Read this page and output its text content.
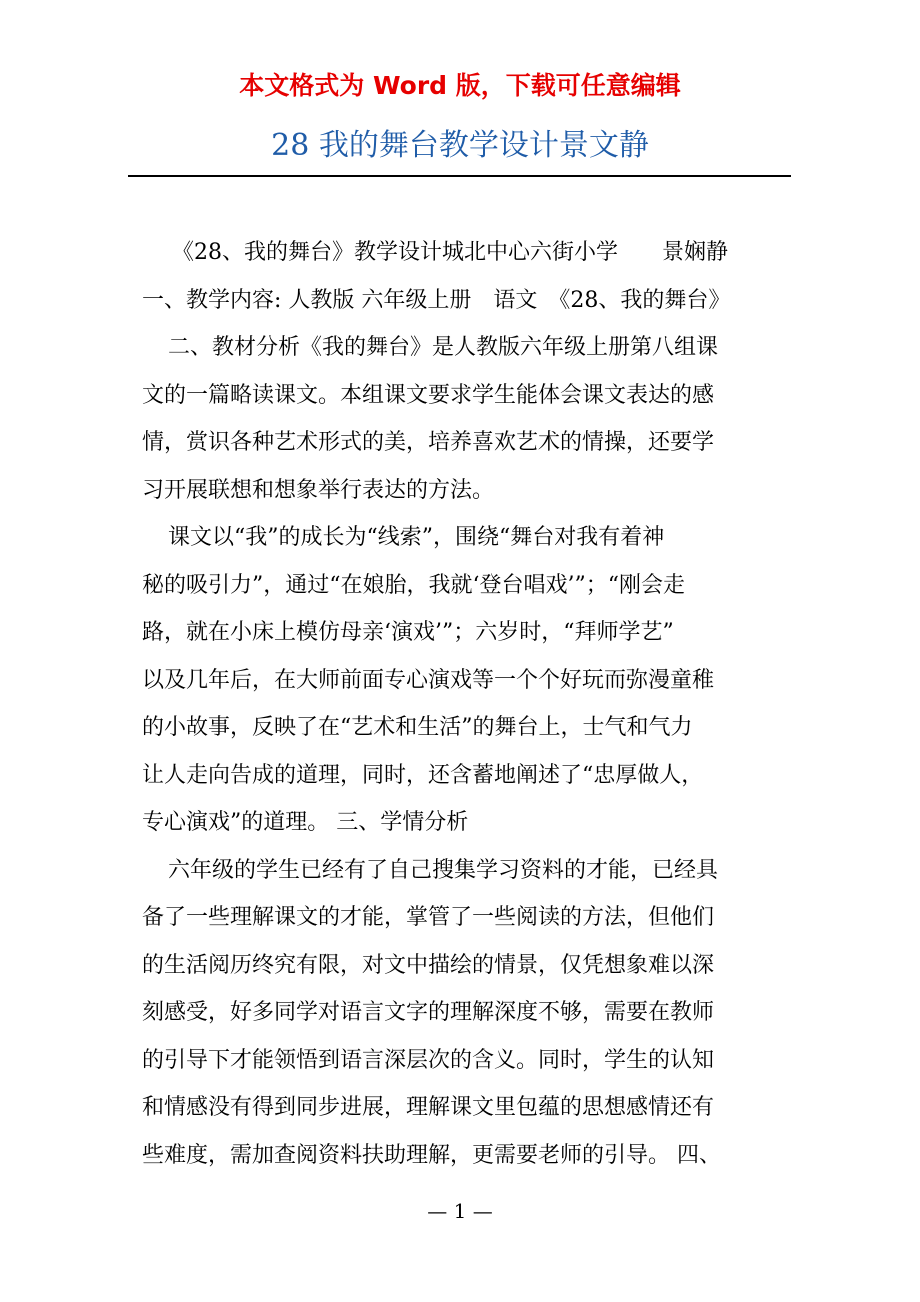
本文格式为 Word 版，下载可任意编辑
28 我的舞台教学设计景文静
《28、我的舞台》教学设计城北中心六街小学　　景娴静
一、教学内容: 人教版 六年级上册　语文　《28、我的舞台》
二、教材分析《我的舞台》是人教版六年级上册第八组课
文的一篇略读课文。本组课文要求学生能体会课文表达的感
情，赏识各种艺术形式的美，培养喜欢艺术的情操，还要学
习开展联想和想象举行表达的方法。
课文以“我”的成长为“线索”，围绕“舞台对我有着神
秘的吸引力”，通过“在娘胎，我就‘登台唱戏’”；“刚会走
路，就在小床上模仿母亲‘演戏’”；六岁时，“拜师学艺”
以及几年后，在大师前面专心演戏等一个个好玩而弥漫童稚
的小故事，反映了在“艺术和生活”的舞台上，士气和气力
让人走向告成的道理，同时，还含蓄地阐述了“忠厚做人，
专心演戏”的道理。 三、学情分析
六年级的学生已经有了自己搜集学习资料的才能，已经具
备了一些理解课文的才能，掌管了一些阅读的方法，但他们
的生活阅历终究有限，对文中描绘的情景，仅凭想象难以深
刻感受，好多同学对语言文字的理解深度不够，需要在教师
的引导下才能领悟到语言深层次的含义。同时，学生的认知
和情感没有得到同步进展，理解课文里包蕴的思想感情还有
些难度，需加查阅资料扶助理解，更需要老师的引导。 四、
— 1 —
